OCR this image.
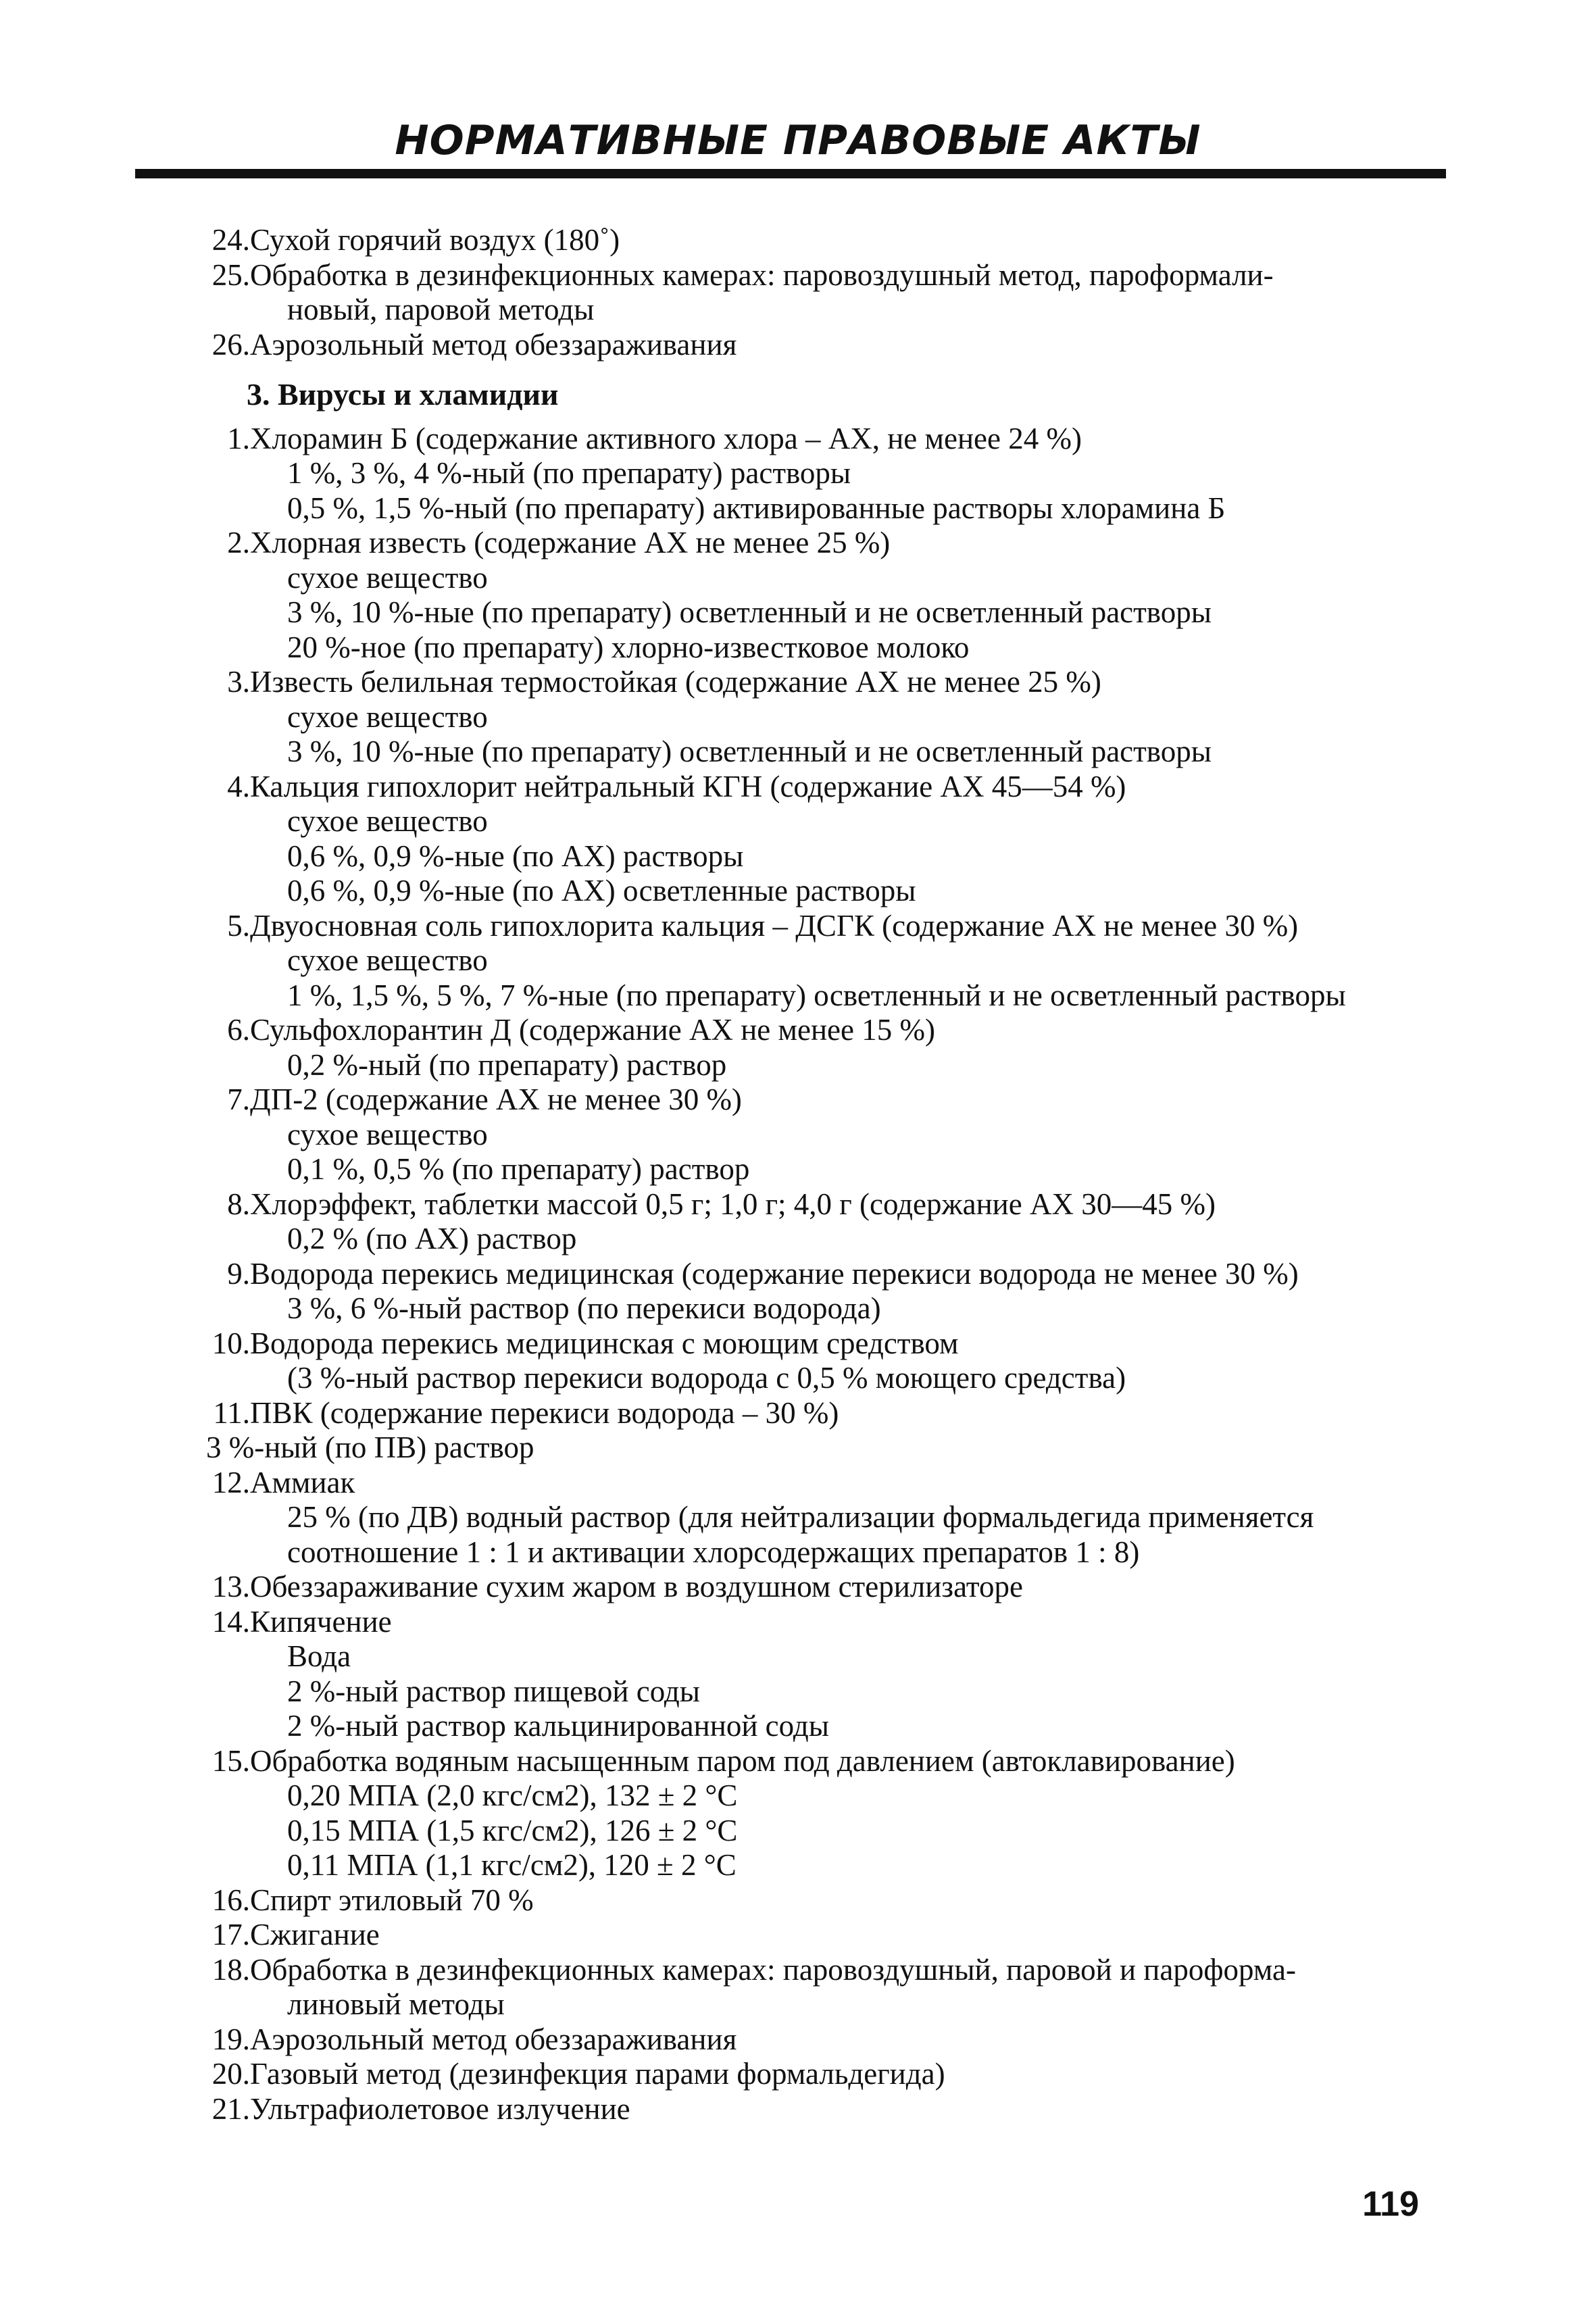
НОРМАТИВНЫЕ ПРАВОВЫЕ АКТЫ
24.Сухой горячий воздух (180˚)
25.Обработка в дезинфекционных камерах: паровоздушный метод, пароформали-
новый, паровой методы
26.Аэрозольный метод обеззараживания
3. Вирусы и хламидии
1.Хлорамин Б (содержание активного хлора – АХ, не менее 24 %)
1 %, 3 %, 4 %-ный (по препарату) растворы
0,5 %, 1,5 %-ный (по препарату) активированные растворы хлорамина Б
2.Хлорная известь (содержание АХ не менее 25 %)
сухое вещество
3 %, 10 %-ные (по препарату) осветленный и не осветленный растворы
20 %-ное (по препарату) хлорно-известковое молоко
3.Известь белильная термостойкая (содержание АХ не менее 25 %)
сухое вещество
3 %, 10 %-ные (по препарату) осветленный и не осветленный растворы
4.Кальция гипохлорит нейтральный КГН (содержание АХ 45—54 %)
сухое вещество
0,6 %, 0,9 %-ные (по АХ) растворы
0,6 %, 0,9 %-ные (по АХ) осветленные растворы
5.Двуосновная соль гипохлорита кальция – ДСГК (содержание АХ не менее 30 %)
сухое вещество
1 %, 1,5 %, 5 %, 7 %-ные (по препарату) осветленный и не осветленный растворы
6.Сульфохлорантин Д (содержание АХ не менее 15 %)
0,2 %-ный (по препарату) раствор
7.ДП-2 (содержание АХ не менее 30 %)
сухое вещество
0,1 %, 0,5 % (по препарату) раствор
8.Хлорэффект, таблетки массой 0,5 г; 1,0 г; 4,0 г (содержание АХ 30—45 %)
0,2 % (по АХ) раствор
9.Водорода перекись медицинская (содержание перекиси водорода не менее 30 %)
3 %, 6 %-ный раствор (по перекиси водорода)
10.Водорода перекись медицинская с моющим средством
(3 %-ный раствор перекиси водорода с 0,5 % моющего средства)
11.ПВК (содержание перекиси водорода – 30 %)
3 %-ный (по ПВ) раствор
12.Аммиак
25 % (по ДВ) водный раствор (для нейтрализации формальдегида применяется
соотношение 1 : 1 и активации хлорсодержащих препаратов 1 : 8)
13.Обеззараживание сухим жаром в воздушном стерилизаторе
14.Кипячение
Вода
2 %-ный раствор пищевой соды
2 %-ный раствор кальцинированной соды
15.Обработка водяным насыщенным паром под давлением (автоклавирование)
0,20 МПА (2,0 кгс/см2), 132 ± 2 °С
0,15 МПА (1,5 кгс/см2), 126 ± 2 °С
0,11 МПА (1,1 кгс/см2), 120 ± 2 °С
16.Спирт этиловый 70 %
17.Сжигание
18.Обработка в дезинфекционных камерах: паровоздушный, паровой и пароформа-
линовый методы
19.Аэрозольный метод обеззараживания
20.Газовый метод (дезинфекция парами формальдегида)
21.Ультрафиолетовое излучение
119
